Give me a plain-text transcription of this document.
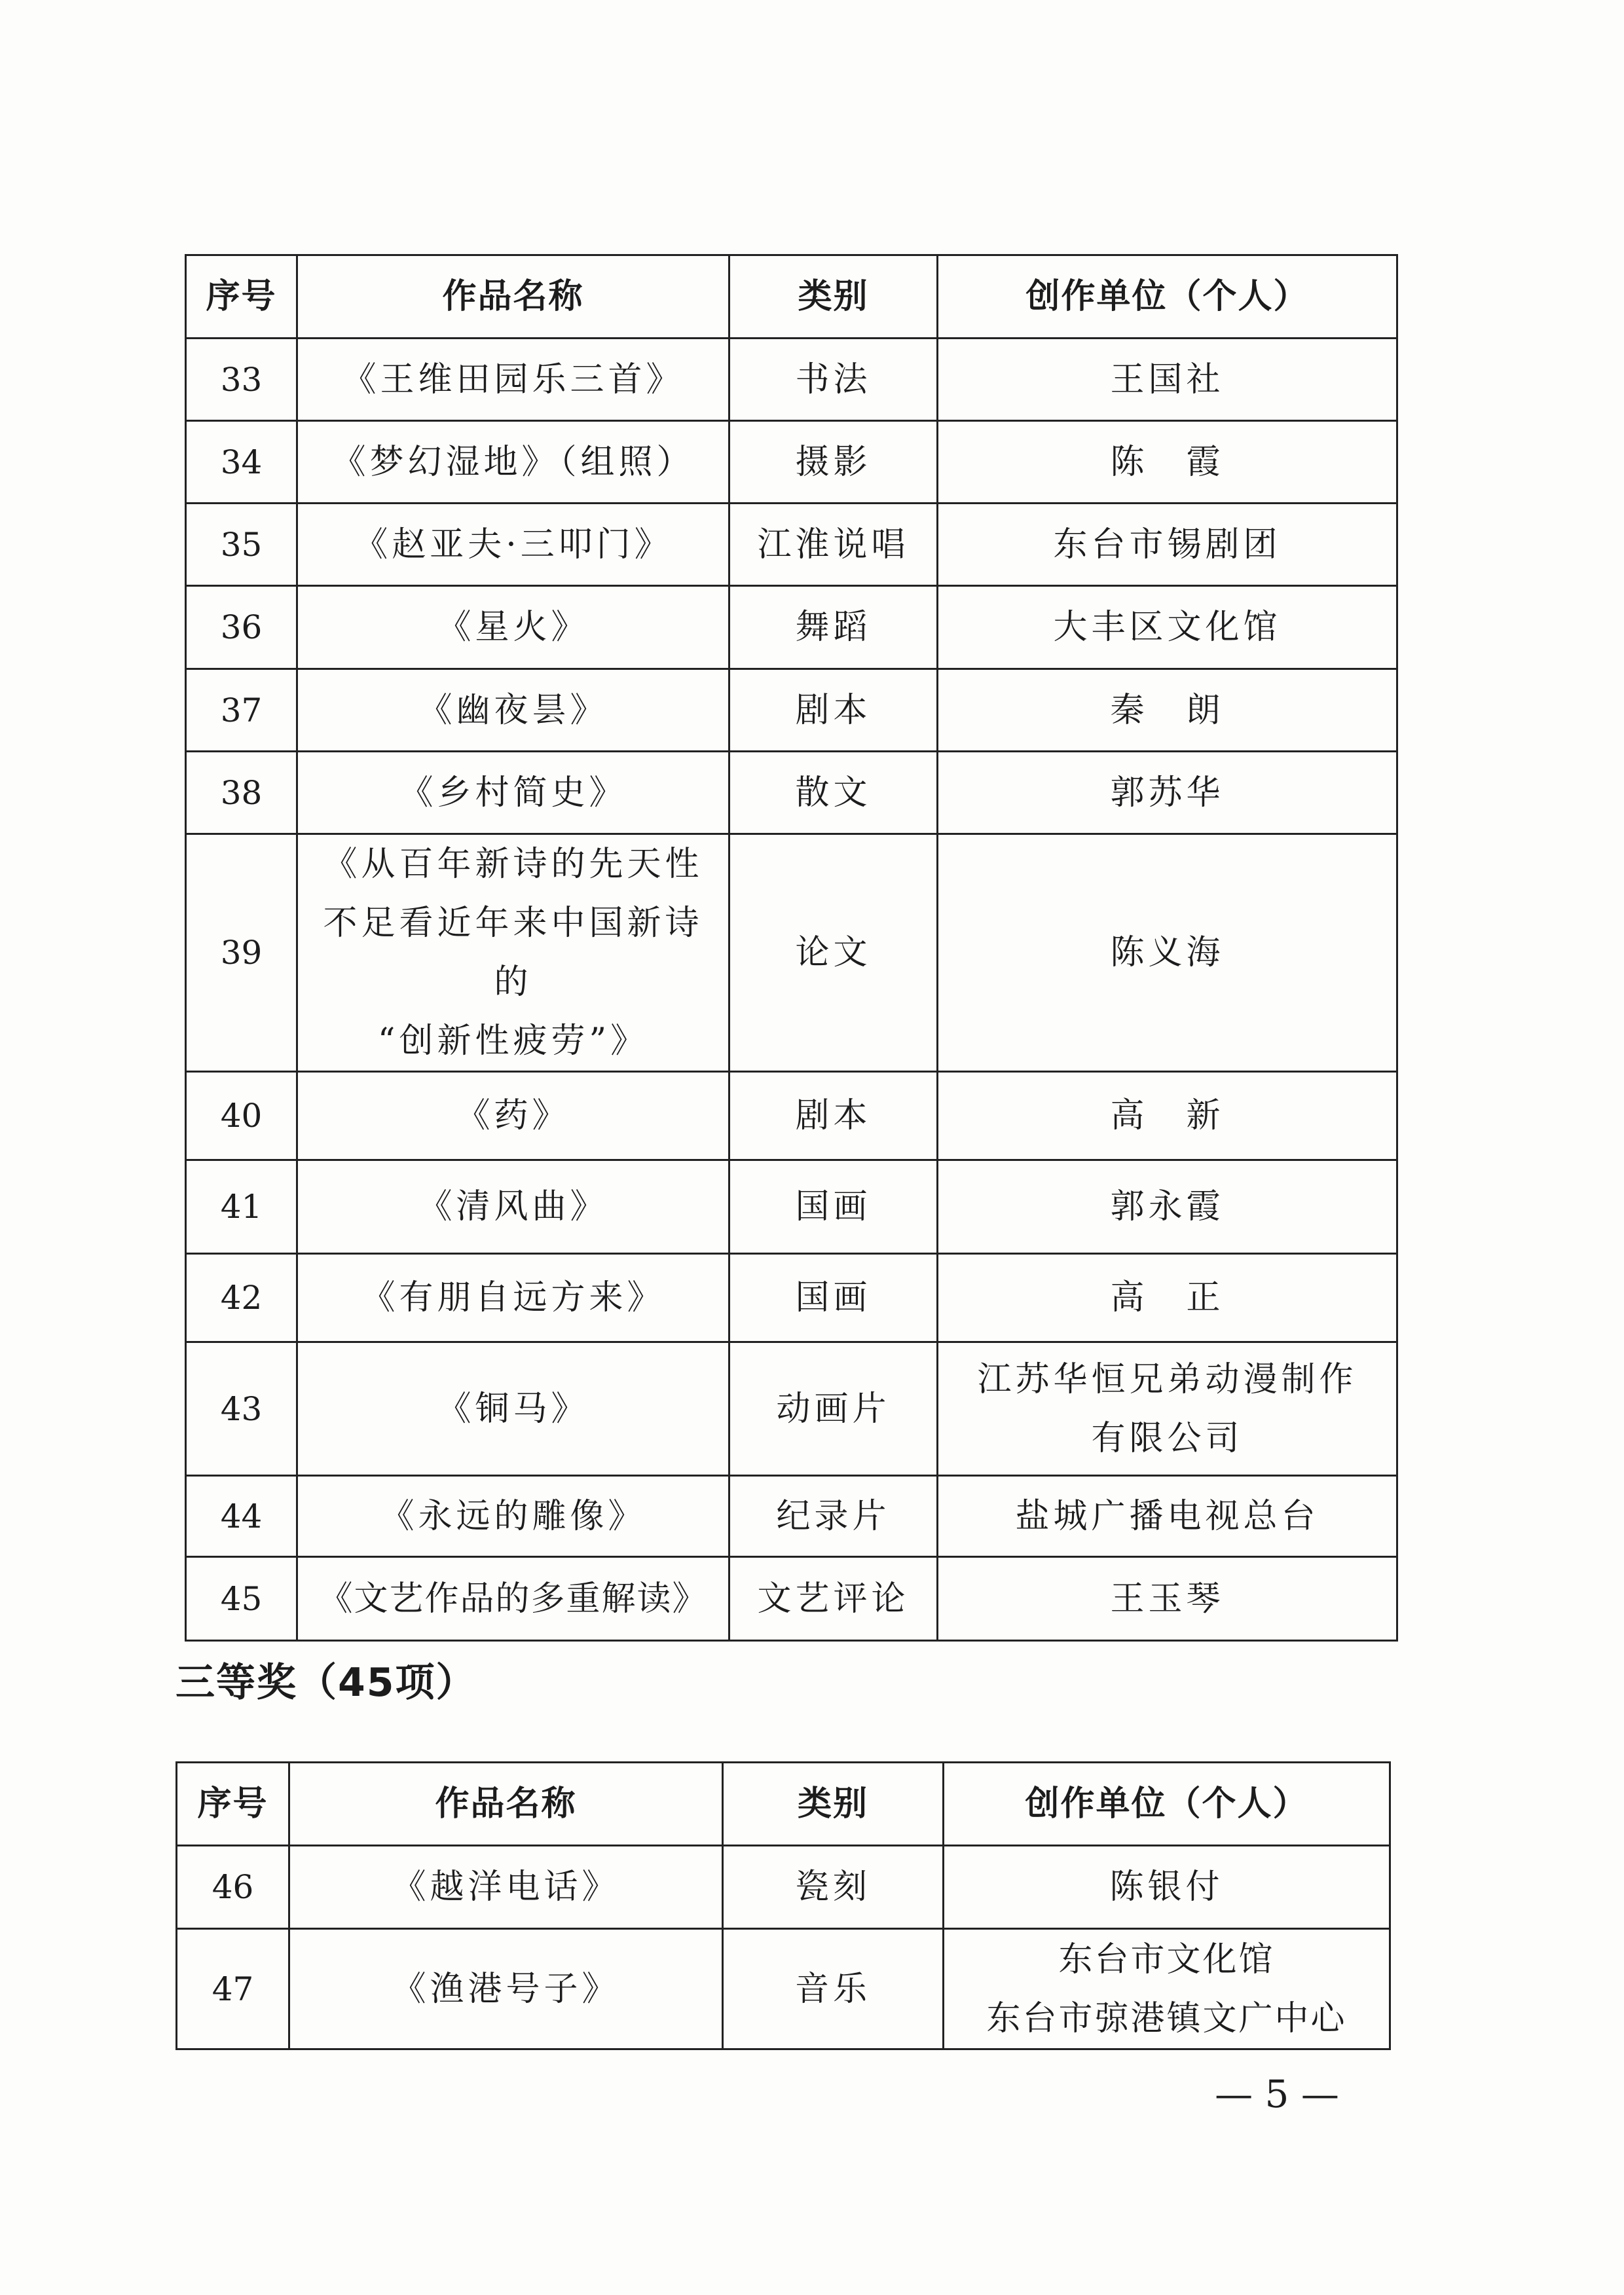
序号	作品名称	类别	创作单位（个人）
33	《王维田园乐三首》	书法	王国社
34	《梦幻湿地》（组照）	摄影	陈　霞
35	《赵亚夫·三叩门》	江淮说唱	东台市锡剧团
36	《星火》	舞蹈	大丰区文化馆
37	《幽夜昙》	剧本	秦　朗
38	《乡村简史》	散文	郭苏华
39	《从百年新诗的先天性
不足看近年来中国新诗的
“创新性疲劳”》	论文	陈义海
40	《药》	剧本	高　新
41	《清风曲》	国画	郭永霞
42	《有朋自远方来》	国画	高　正
43	《铜马》	动画片	江苏华恒兄弟动漫制作
有限公司

44	《永远的雕像》	纪录片	盐城广播电视总台
45	《文艺作品的多重解读》	文艺评论	王玉琴
三等奖（45项）
序号	作品名称	类别	创作单位（个人）
46	《越洋电话》	瓷刻	陈银付
47	《渔港号子》	音乐	东台市文化馆
东台市弶港镇文广中心

— 5 —
